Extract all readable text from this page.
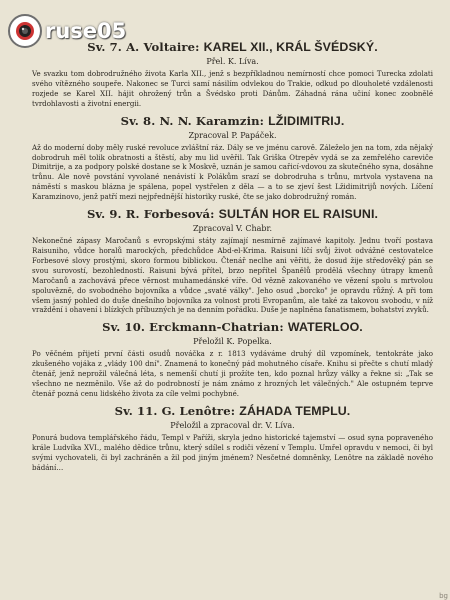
ruse05
Sv. 7. A. Voltaire: KAREL XII., KRÁL ŠVÉDSKÝ.
Přel. K. Líva.

Ve svazku tom dobrodružného života Karla XII., jenž s bezpříkladnou nemírností chce pomoci Turecka zdolati svého vítězného soupeře. Nakonec se Turci samí násilím odvlekou do Trakie, odkud po dlouholeté vzdálenosti rozjede se Karel XII. hájit ohrožený trůn a Švédsko proti Dánům. Záhadná rána učiní konec zoobnělé tvrdohlavosti a životní energii.

Sv. 8. N. N. Karamzin: LŽIDIMITRIJ.
Zpracoval P. Papáček.

Až do moderní doby měly ruské revoluce zvláštní ráz. Dály se ve jménu carově. Záleželo jen na tom, zda nějaký dobrodruh měl tolik obratnosti a štěstí, aby mu lid uvěřil. Tak Griška Otrepěv vydá se za zemřelého careviče Dimitrije, a za podpory polské dostane se k Moskvě, uznán je samou cařicí-vdovou za skutečného syna, dosáhne trůnu. Ale nově povstání vyvolané nenávistí k Polákům srazí se dobrodruha s trůnu, mrtvola vystavena na náměstí s maskou blázna je spálena, popel vystřelen z děla — a to se zjeví šest Lžidimitrijů nových. Líčení Karamzinovo, jenž patří mezi nejpřednější historiky ruské, čte se jako dobrodružný román.

Sv. 9. R. Forbesová: SULTÁN HOR EL RAISUNI.
Zpracoval V. Chabr.

Nekonečné zápasy Maročanů s evropskými státy zajímají nesmírně zajímavé kapitoly. Jednu tvoří postava Raisuniho, vůdce horalů marockých, předchůdce Abd-el-Krima. Raisuni líčí svůj život odvážné cestovatelce Forbesové slovy prostými, skoro formou biblickou. Čtenář neclhe ani věřiti, že dosud žije středověký pán se svou surovostí, bezohledností. Raisuni bývá přítel, brzo nepřítel Španělů prodělá všechny útrapy kmenů Maročanů a zachovává přece věrnost muhamedánské víře. Od vězně zakovaného ve vězení spolu s mrtvolou spoluvězně, do svobodného bojovníka a vůdce „svaté války". Jeho osud „borcko" je opravdu růžný. A při tom všem jasný pohled do duše dnešního bojovníka za volnost proti Evropanům, ale také za takovou svobodu, v níž vraždění i ohavení i blízkých příbuzných je na denním pořádku. Duše je naplněna fanatismem, bohatství zvyků.

Sv. 10. Erckmann-Chatrian: WATERLOO.
Přeložil K. Popelka.

Po věčném přijetí první části osudů nováčka z r. 1813 vydáváme druhý díl vzpomínek, tentokráte jako zkušeného vojáka z „vlády 100 dní". Znamená to konečný pád mohutného císaře. Knihu si přečte s chutí mladý čtenář, jenž neprožil válečná léta, s nemenší chutí ji prožíte ten, kdo poznal hrůzy války a řekne si: „Tak se všechno ne nezměnilo. Vše až do podrobností je nám známo z hrozných let válečných." Ale ostupném teprve čtenář pozná cenu lidského života za cíle velmi pochybné.

Sv. 11. G. Lenôtre: ZÁHADA TEMPLU.
Přeložil a zpracoval dr. V. Líva.

Ponurá budova templářského řádu, Templ v Paříži, skryla jedno historické tajemství — osud syna popraveného krále Ludvíka XVI., malého dědice trůnu, který sdílel s rodiči vězení v Templu. Umřel opravdu v nemoci, či byl svými vychovateli, či byl zachráněn a žil pod jiným jménem? Nesčetné domněnky, Lenôtre na základě nového bádání…

bg
